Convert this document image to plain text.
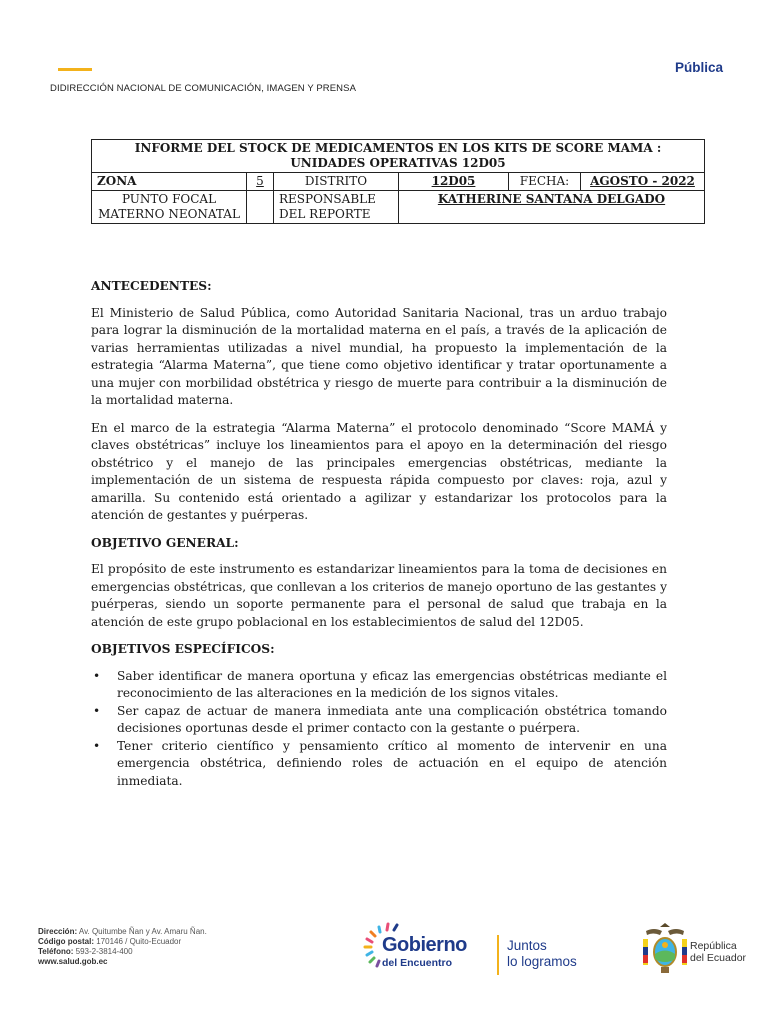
Pública
DIDIRECCIÓN NACIONAL DE COMUNICACIÓN, IMAGEN Y PRENSA
INFORME DEL STOCK DE MEDICAMENTOS EN LOS KITS DE SCORE MAMA : UNIDADES OPERATIVAS 12D05					
ZONA	5	DISTRITO	12D05	FECHA:	AGOSTO - 2022
PUNTO FOCAL MATERNO NEONATAL		RESPONSABLE DEL REPORTE	KATHERINE SANTANA DELGADO		
ANTECEDENTES:

El Ministerio de Salud Pública, como Autoridad Sanitaria Nacional, tras un arduo trabajo para lograr la disminución de la mortalidad materna en el país, a través de la aplicación de varias herramientas utilizadas a nivel mundial, ha propuesto la implementación de la estrategia “Alarma Materna”, que tiene como objetivo identificar y tratar oportunamente a una mujer con morbilidad obstétrica y riesgo de muerte para contribuir a la disminución de la mortalidad materna.

En el marco de la estrategia “Alarma Materna” el protocolo denominado “Score MAMÁ y claves obstétricas” incluye los lineamientos para el apoyo en la determinación del riesgo obstétrico y el manejo de las principales emergencias obstétricas, mediante la implementación de un sistema de respuesta rápida compuesto por claves: roja, azul y amarilla. Su contenido está orientado a agilizar y estandarizar los protocolos para la atención de gestantes y puérperas.

OBJETIVO GENERAL:

El propósito de este instrumento es estandarizar lineamientos para la toma de decisiones en emergencias obstétricas, que conllevan a los criterios de manejo oportuno de las gestantes y puérperas, siendo un soporte permanente para el personal de salud que trabaja en la atención de este grupo poblacional en los establecimientos de salud del 12D05.

OBJETIVOS ESPECÍFICOS:
• Saber identificar de manera oportuna y eficaz las emergencias obstétricas mediante el reconocimiento de las alteraciones en la medición de los signos vitales.
• Ser capaz de actuar de manera inmediata ante una complicación obstétrica tomando decisiones oportunas desde el primer contacto con la gestante o puérpera.
• Tener criterio científico y pensamiento crítico al momento de intervenir en una emergencia obstétrica, definiendo roles de actuación en el equipo de atención inmediata.
Dirección: Av. Quitumbe Ñan y Av. Amaru Ñan.
Código postal: 170146 / Quito-Ecuador
Teléfono: 593-2-3814-400
www.salud.gob.ec
Gobierno
del Encuentro
Juntos
lo logramos
República
del Ecuador
